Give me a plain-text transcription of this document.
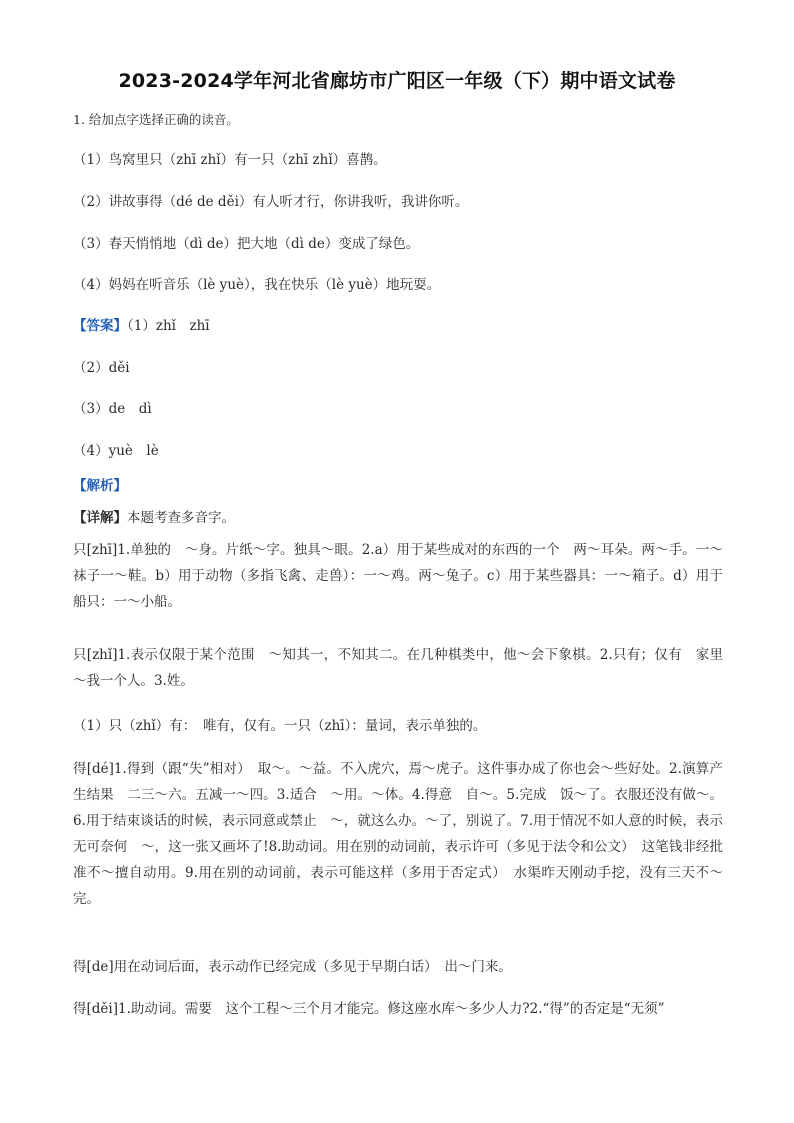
2023-2024学年河北省廊坊市广阳区一年级（下）期中语文试卷
1. 给加点字选择正确的读音。
（1）鸟窝里只（zhī zhǐ）有一只（zhī zhǐ）喜鹊。
（2）讲故事得（dé de děi）有人听才行，你讲我听，我讲你听。
（3）春天悄悄地（dì de）把大地（dì de）变成了绿色。
（4）妈妈在听音乐（lè yuè），我在快乐（lè yuè）地玩耍。
【答案】（1）zhǐ　zhī
（2）děi
（3）de　dì
（4）yuè　lè
【解析】
【详解】本题考查多音字。

只[zhī]1.单独的　～身。片纸～字。独具～眼。2.a）用于某些成对的东西的一个　两～耳朵。两～手。一～袜子一～鞋。b）用于动物（多指飞禽、走兽）：一～鸡。两～兔子。c）用于某些器具：一～箱子。d）用于船只：一～小船。

只[zhǐ]1.表示仅限于某个范围　～知其一，不知其二。在几种棋类中，他～会下象棋。2.只有；仅有　家里～我一个人。3.姓。

（1）只（zhǐ）有：　唯有，仅有。一只（zhī）：量词，表示单独的。

得[dé]1.得到（跟“失”相对）　取～。～益。不入虎穴，焉～虎子。这件事办成了你也会～些好处。2.演算产生结果　二三～六。五减一～四。3.适合　～用。～体。4.得意　自～。5.完成　饭～了。衣服还没有做～。6.用于结束谈话的时候，表示同意或禁止　～，就这么办。～了，别说了。7.用于情况不如人意的时候，表示无可奈何　～，这一张又画坏了!8.助动词。用在别的动词前，表示许可（多见于法令和公文）　这笔钱非经批准不～擅自动用。9.用在别的动词前，表示可能这样（多用于否定式）　水渠昨天刚动手挖，没有三天不～完。

得[de]用在动词后面，表示动作已经完成（多见于早期白话）　出～门来。

得[děi]1.助动词。需要　这个工程～三个月才能完。修这座水库～多少人力?2.“得”的否定是“无须”
